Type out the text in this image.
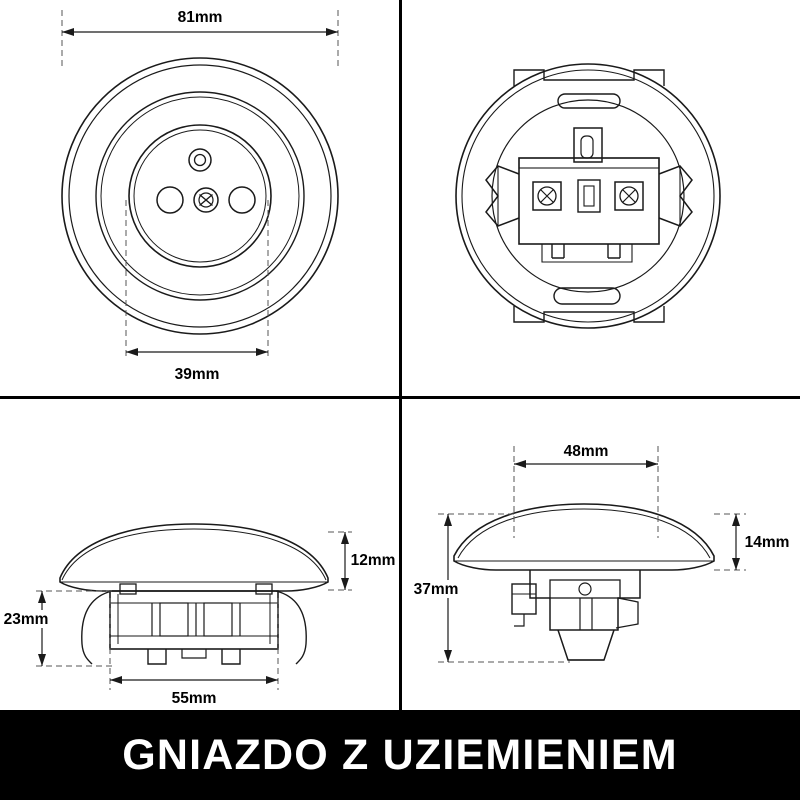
81mm
39mm
12mm
23mm
55mm
48mm
14mm
37mm
GNIAZDO Z UZIEMIENIEM
